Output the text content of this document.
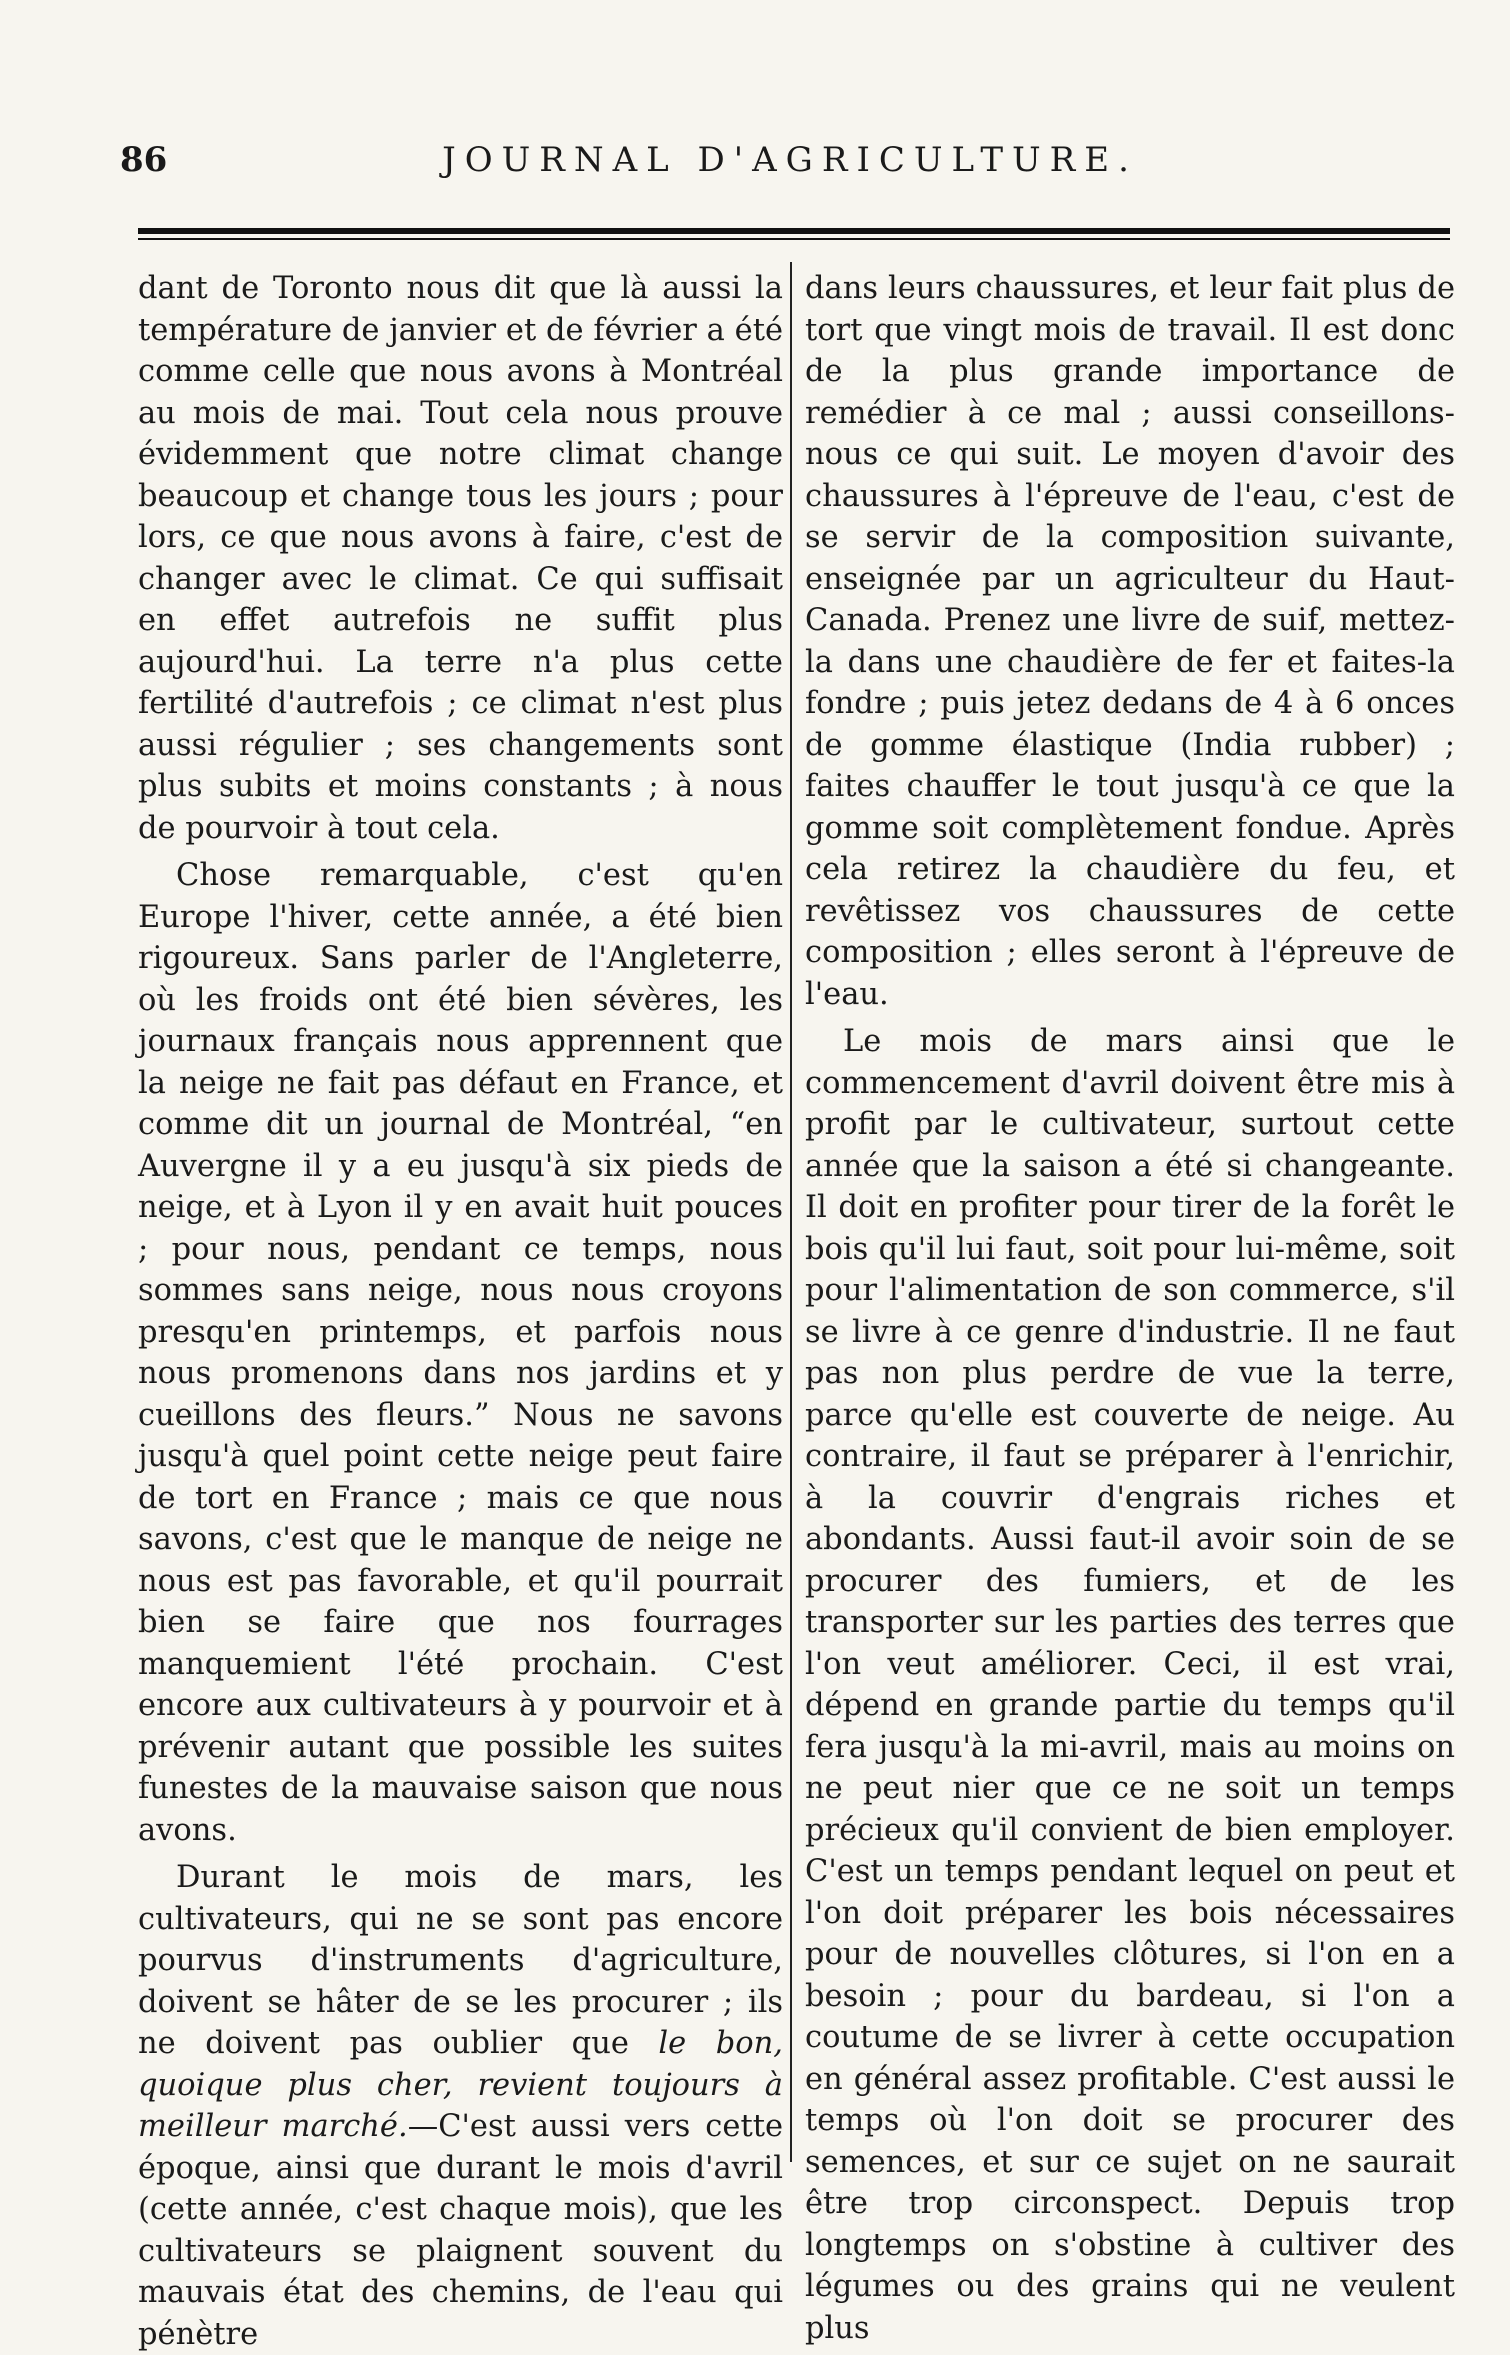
86	JOURNAL D'AGRICULTURE.

dant de Toronto nous dit que là aussi la température de janvier et de février a été comme celle que nous avons à Montréal au mois de mai. Tout cela nous prouve évidemment que notre climat change beaucoup et change tous les jours ; pour lors, ce que nous avons à faire, c'est de changer avec le climat. Ce qui suffisait en effet autrefois ne suffit plus aujourd'hui. La terre n'a plus cette fertilité d'autrefois ; ce climat n'est plus aussi régulier ; ses changements sont plus subits et moins constants ; à nous de pourvoir à tout cela.

Chose remarquable, c'est qu'en Europe l'hiver, cette année, a été bien rigoureux. Sans parler de l'Angleterre, où les froids ont été bien sévères, les journaux français nous apprennent que la neige ne fait pas défaut en France, et comme dit un journal de Montréal, “en Auvergne il y a eu jusqu'à six pieds de neige, et à Lyon il y en avait huit pouces ; pour nous, pendant ce temps, nous sommes sans neige, nous nous croyons presqu'en printemps, et parfois nous nous promenons dans nos jardins et y cueillons des fleurs.” Nous ne savons jusqu'à quel point cette neige peut faire de tort en France ; mais ce que nous savons, c'est que le manque de neige ne nous est pas favorable, et qu'il pourrait bien se faire que nos fourrages manquemient l'été prochain. C'est encore aux cultivateurs à y pourvoir et à prévenir autant que possible les suites funestes de la mauvaise saison que nous avons.

Durant le mois de mars, les cultivateurs, qui ne se sont pas encore pourvus d'instruments d'agriculture, doivent se hâter de se les procurer ; ils ne doivent pas oublier que le bon, quoique plus cher, revient toujours à meilleur marché.—C'est aussi vers cette époque, ainsi que durant le mois d'avril (cette année, c'est chaque mois), que les cultivateurs se plaignent souvent du mauvais état des chemins, de l'eau qui pénètre

dans leurs chaussures, et leur fait plus de tort que vingt mois de travail. Il est donc de la plus grande importance de remédier à ce mal ; aussi conseillons-nous ce qui suit. Le moyen d'avoir des chaussures à l'épreuve de l'eau, c'est de se servir de la composition suivante, enseignée par un agriculteur du Haut-Canada. Prenez une livre de suif, mettez-la dans une chaudière de fer et faites-la fondre ; puis jetez dedans de 4 à 6 onces de gomme élastique (India rubber) ; faites chauffer le tout jusqu'à ce que la gomme soit complètement fondue. Après cela retirez la chaudière du feu, et revêtissez vos chaussures de cette composition ; elles seront à l'épreuve de l'eau.

Le mois de mars ainsi que le commencement d'avril doivent être mis à profit par le cultivateur, surtout cette année que la saison a été si changeante. Il doit en profiter pour tirer de la forêt le bois qu'il lui faut, soit pour lui-même, soit pour l'alimentation de son commerce, s'il se livre à ce genre d'industrie. Il ne faut pas non plus perdre de vue la terre, parce qu'elle est couverte de neige. Au contraire, il faut se préparer à l'enrichir, à la couvrir d'engrais riches et abondants. Aussi faut-il avoir soin de se procurer des fumiers, et de les transporter sur les parties des terres que l'on veut améliorer. Ceci, il est vrai, dépend en grande partie du temps qu'il fera jusqu'à la mi-avril, mais au moins on ne peut nier que ce ne soit un temps précieux qu'il convient de bien employer. C'est un temps pendant lequel on peut et l'on doit préparer les bois nécessaires pour de nouvelles clôtures, si l'on en a besoin ; pour du bardeau, si l'on a coutume de se livrer à cette occupation en général assez profitable. C'est aussi le temps où l'on doit se procurer des semences, et sur ce sujet on ne saurait être trop circonspect. Depuis trop longtemps on s'obstine à cultiver des légumes ou des grains qui ne veulent plus
